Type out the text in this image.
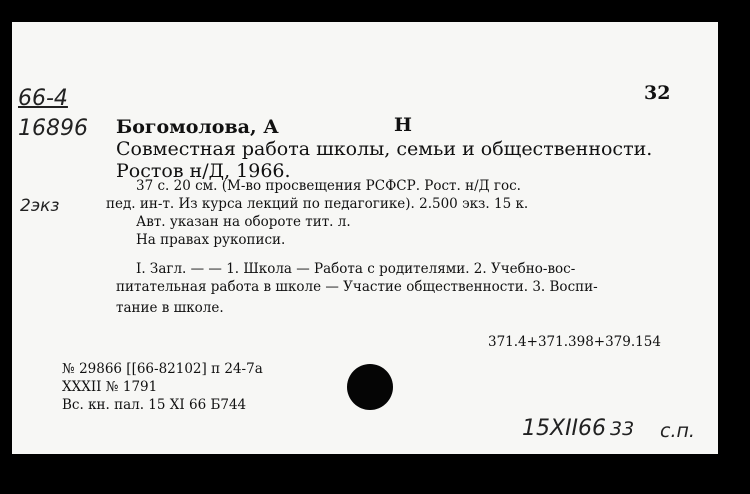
66-4
16896
2экз
32
Богомолова, А	Н
Совместная работа школы, семьи и общественности.
Ростов н/Д, 1966.
37 с. 20 см. (М-во просвещения РСФСР. Рост. н/Д гос.
пед. ин-т. Из курса лекций по педагогике). 2.500 экз. 15 к.
Авт. указан на обороте тит. л.
На правах рукописи.
I. Загл. — — 1. Школа — Работа с родителями. 2. Учебно-вос-
питательная работа в школе — Участие общественности. 3. Воспи-
тание в школе.
371.4+371.398+379.154
№ 29866 [[66-82102] п 24-7а
XXXII № 1791
Вс. кн. пал. 15 XI 66 Б744
15XII66 33 с.п.
